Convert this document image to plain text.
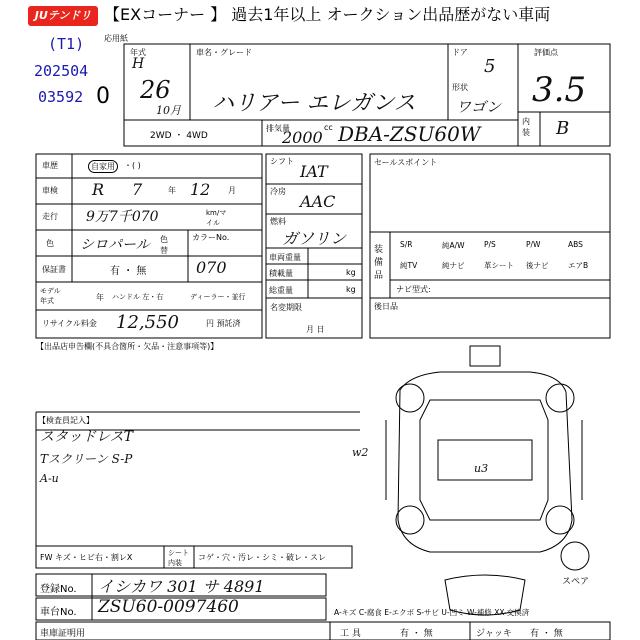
JUテンドリ 【EXコーナー 】 過去1年以上 オークション出品歴がない車両
(T1)
202504
03592 0
応用紙
年式
H
26
10月
車名・グレード
ハリアー エレガンス
ドア
5
形状
ワゴン
評価点
3.5
内装 B
2WD ・ 4WD
排気量	cc
2000 DBA-ZSU60W
車歴	自家用	・( )
車検 R 7	年 12 月
走行 9万7千070	km/マイル
色 シロパール 色替
カラーNo.
070
保証書	有 ・ 無
モデル年式	年 ハンドル 左・右	ディーラー・並行
リサイクル料金 12,550	円 預託済
シフト
IAT
冷房
AAC
燃料
ガソリン
車両重量
積載量
総重量
kg
kg
名変期限
月 日
セールスポイント
装備品
S/R	純A/W	P/S	P/W	ABS
純TV	純ナビ	革シート 後ナビ	エアB
ナビ型式:
後日品
【出品店申告欄(不具合箇所・欠品・注意事項等)】
【検査員記入】
スタッドレスT
Tスクリーン S-P
A-u
w2
u3
FW キズ・ヒビ右・割レX	シート内装
コゲ・穴・汚レ・シミ・破レ・スレ
スペア
登録No. イシカワ 301 サ 4891
車台No. ZSU60-0097460	A-キズ C-腐食 E-エクボ S-サビ U-凹ミ W-補修 XX-交換済
車庫証明用	工 具	有 ・ 無	ジャッキ 有 ・ 無
